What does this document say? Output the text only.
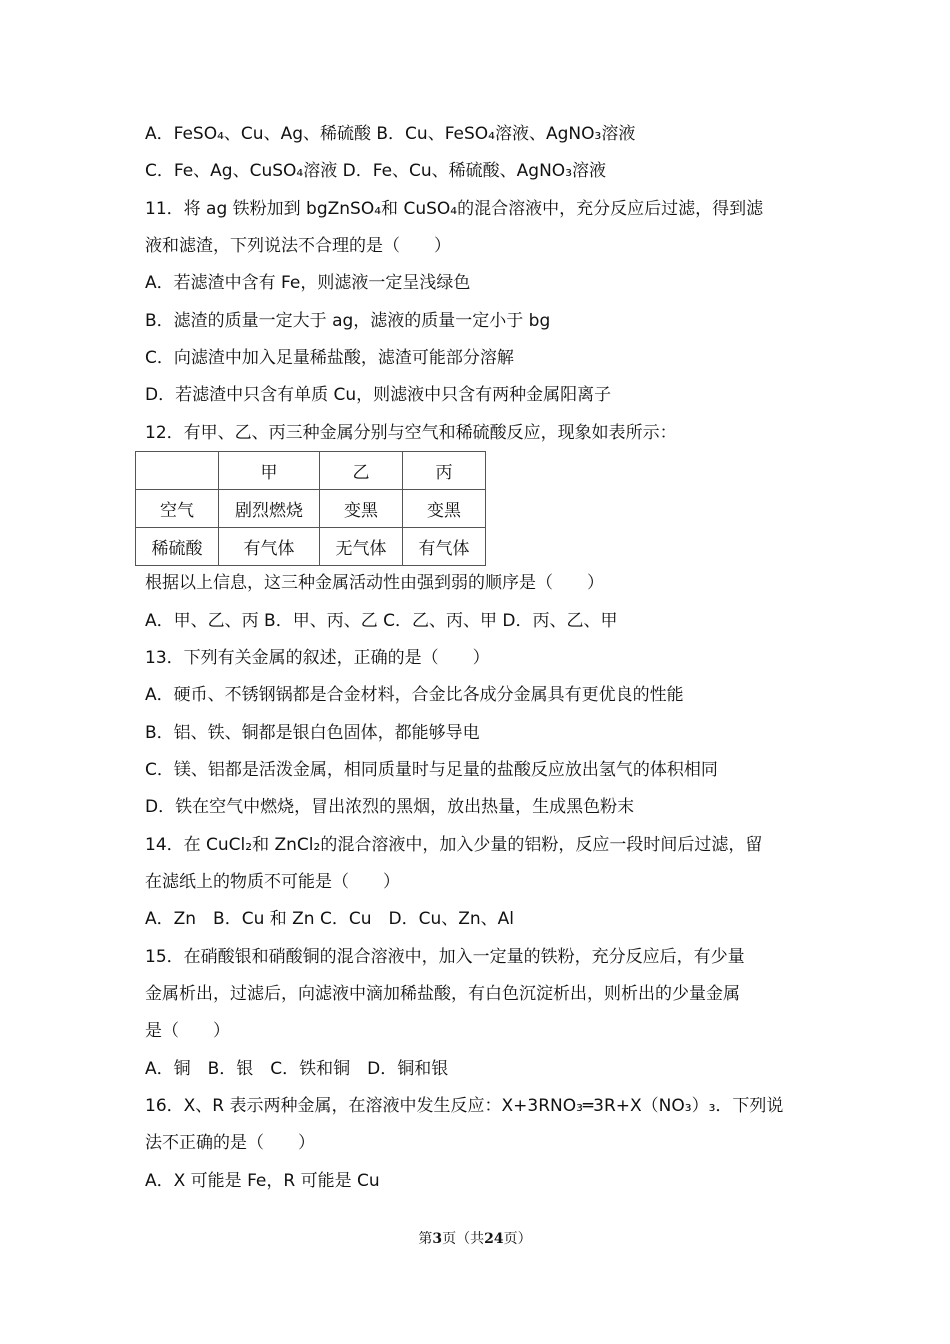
A．FeSO₄、Cu、Ag、稀硫酸 B．Cu、FeSO₄溶液、AgNO₃溶液
C．Fe、Ag、CuSO₄溶液 D．Fe、Cu、稀硫酸、AgNO₃溶液
11．将 ag 铁粉加到 bgZnSO₄和 CuSO₄的混合溶液中，充分反应后过滤，得到滤
液和滤渣，下列说法不合理的是（　　）
A．若滤渣中含有 Fe，则滤液一定呈浅绿色
B．滤渣的质量一定大于 ag，滤液的质量一定小于 bg
C．向滤渣中加入足量稀盐酸，滤渣可能部分溶解
D．若滤渣中只含有单质 Cu，则滤液中只含有两种金属阳离子
12．有甲、乙、丙三种金属分别与空气和稀硫酸反应，现象如表所示：
	甲	乙	丙
空气	剧烈燃烧	变黑	变黑
稀硫酸	有气体	无气体	有气体
根据以上信息，这三种金属活动性由强到弱的顺序是（　　）
A．甲、乙、丙 B．甲、丙、乙 C．乙、丙、甲 D．丙、乙、甲
13．下列有关金属的叙述，正确的是（　　）
A．硬币、不锈钢锅都是合金材料，合金比各成分金属具有更优良的性能
B．铝、铁、铜都是银白色固体，都能够导电
C．镁、铝都是活泼金属，相同质量时与足量的盐酸反应放出氢气的体积相同
D．铁在空气中燃烧，冒出浓烈的黑烟，放出热量，生成黑色粉末
14．在 CuCl₂和 ZnCl₂的混合溶液中，加入少量的铝粉，反应一段时间后过滤，留
在滤纸上的物质不可能是（　　）
A．Zn　B．Cu 和 Zn C．Cu　D．Cu、Zn、Al
15．在硝酸银和硝酸铜的混合溶液中，加入一定量的铁粉，充分反应后，有少量
金属析出，过滤后，向滤液中滴加稀盐酸，有白色沉淀析出，则析出的少量金属
是（　　）
A．铜　B．银　C．铁和铜　D．铜和银
16．X、R 表示两种金属，在溶液中发生反应：X+3RNO₃═3R+X（NO₃）₃．下列说
法不正确的是（　　）
A．X 可能是 Fe，R 可能是 Cu
第3页（共24页）
